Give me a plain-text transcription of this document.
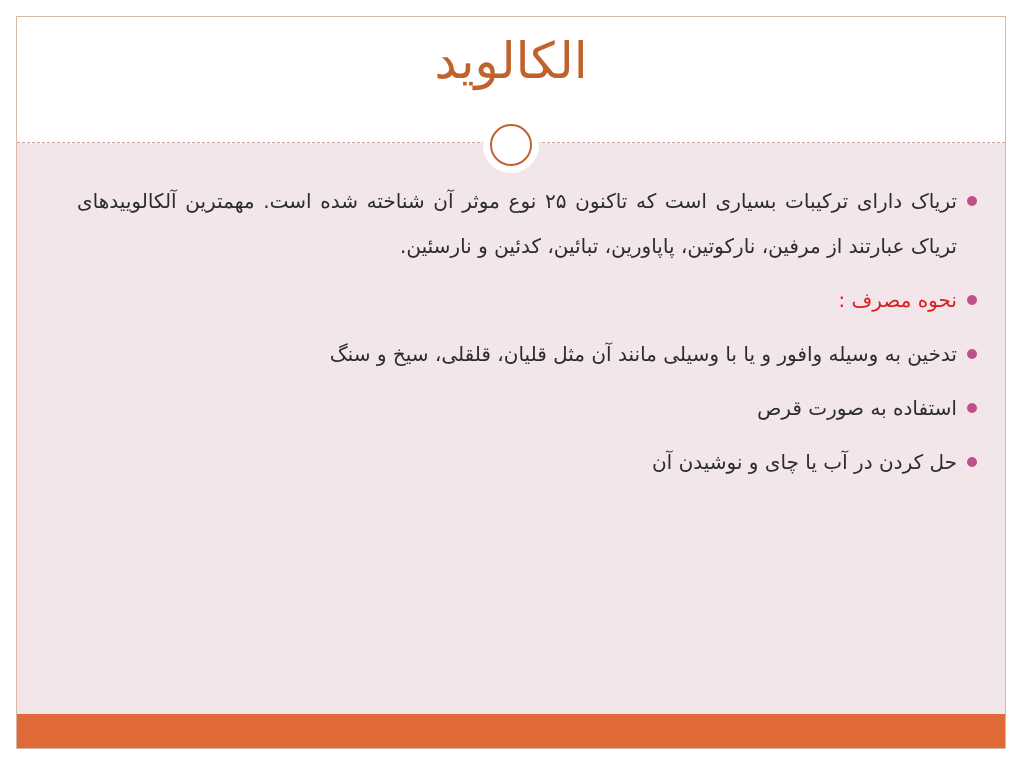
الکالوید
تریاک دارای ترکیبات بسیاری است که تاکنون ۲۵ نوع موثر آن شناخته شده است. مهمترین آلکالوییدهای تریاک عبارتند از مرفین، نارکوتین، پاپاورین، تبائین، کدئین و نارسئین.
نحوه مصرف :
تدخین به وسیله وافور و یا با وسیلی مانند آن مثل قلیان، قلقلی، سیخ و سنگ
استفاده به صورت قرص
حل کردن در آب یا چای و نوشیدن آن
